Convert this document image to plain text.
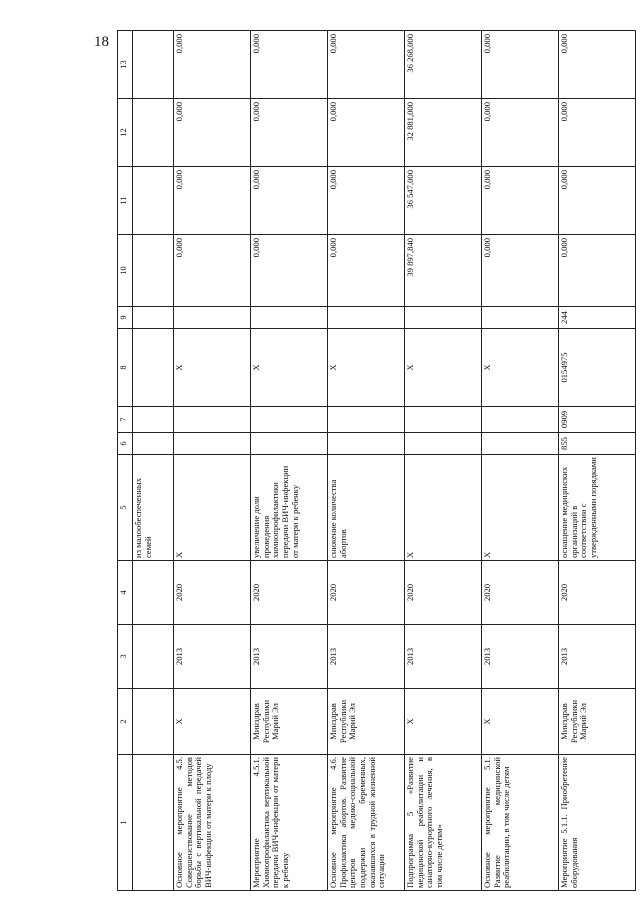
18
1	2	3	4	5	6	7	8	9	10	11	12	13
				из малообеспеченных семей								
Основное мероприятие 4.5. Совершенствование методов борьбы с вертикальной передачей ВИЧ-инфекции от матери к плоду	X	2013	2020	X			X		0,000	0,000	0,000	0,000
Мероприятие 4.5.1. Химиопрофилактика вертикальной передачи ВИЧ-инфекции от матери к ребенку	Минздрав Республики Марий Эл	2013	2020	увеличение доли проведения химиопрофилактики передачи ВИЧ-инфекции от матери к ребенку			X		0,000	0,000	0,000	0,000
Основное мероприятие 4.6. Профилактика абортов. Развитие центров медико-социальной поддержки беременных, оказавшихся в трудной жизненной ситуации	Минздрав Республики Марий Эл	2013	2020	снижение количества абортов			X		0,000	0,000	0,000	0,000
Подпрограмма 5 «Развитие медицинской реабилитации и санаторно-курортного лечения, в том числе детям»	X	2013	2020	X			X		39 897,840	36 547,000	32 881,000	36 268,000
Основное мероприятие 5.1. Развитие медицинской реабилитации, в том числе детям	X	2013	2020	X			X		0,000	0,000	0,000	0,000
Мероприятие 5.1.1. Приобретение оборудования	Минздрав Республики Марий Эл	2013	2020	оснащение медицинских организаций в соответствии с утвержденными порядками	855	0909	0154975	244	0,000	0,000	0,000	0,000
